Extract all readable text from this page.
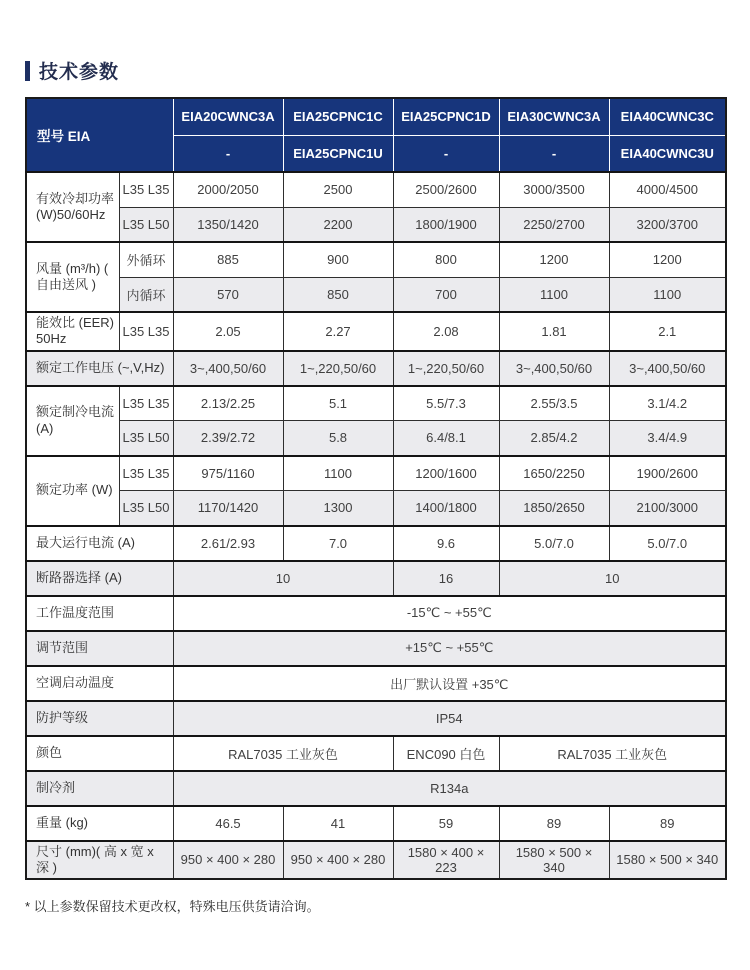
技术参数
型号 EIA		EIA20CWNC3A	EIA25CPNC1C	EIA25CPNC1D	EIA30CWNC3A	EIA40CWNC3C
		-	EIA25CPNC1U	-	-	EIA40CWNC3U
有效冷却功率 (W)50/60Hz	L35 L35	2000/2050	2500	2500/2600	3000/3500	4000/4500
	L35 L50	1350/1420	2200	1800/1900	2250/2700	3200/3700
风量 (m³/h) ( 自由送风 )	外循环	885	900	800	1200	1200
	内循环	570	850	700	1100	1100
能效比 (EER) 50Hz	L35 L35	2.05	2.27	2.08	1.81	2.1
额定工作电压 (~,V,Hz)		3~,400,50/60	1~,220,50/60	1~,220,50/60	3~,400,50/60	3~,400,50/60
额定制冷电流 (A)	L35 L35	2.13/2.25	5.1	5.5/7.3	2.55/3.5	3.1/4.2
	L35 L50	2.39/2.72	5.8	6.4/8.1	2.85/4.2	3.4/4.9
额定功率 (W)	L35 L35	975/1160	1100	1200/1600	1650/2250	1900/2600
	L35 L50	1170/1420	1300	1400/1800	1850/2650	2100/3000
最大运行电流 (A)		2.61/2.93	7.0	9.6	5.0/7.0	5.0/7.0
断路器选择 (A)		10		16	10	
工作温度范围		-15℃ ~ +55℃				
调节范围		+15℃ ~ +55℃				
空调启动温度		出厂默认设置 +35℃				
防护等级		IP54				
颜色		RAL7035 工业灰色		ENC090 白色	RAL7035 工业灰色	
制冷剂		R134a				
重量 (kg)		46.5	41	59	89	89
尺寸 (mm)( 高 x 宽 x 深 )		950 × 400 × 280	950 × 400 × 280	1580 × 400 × 223	1580 × 500 × 340	1580 × 500 × 340

* 以上参数保留技术更改权，特殊电压供货请洽询。
